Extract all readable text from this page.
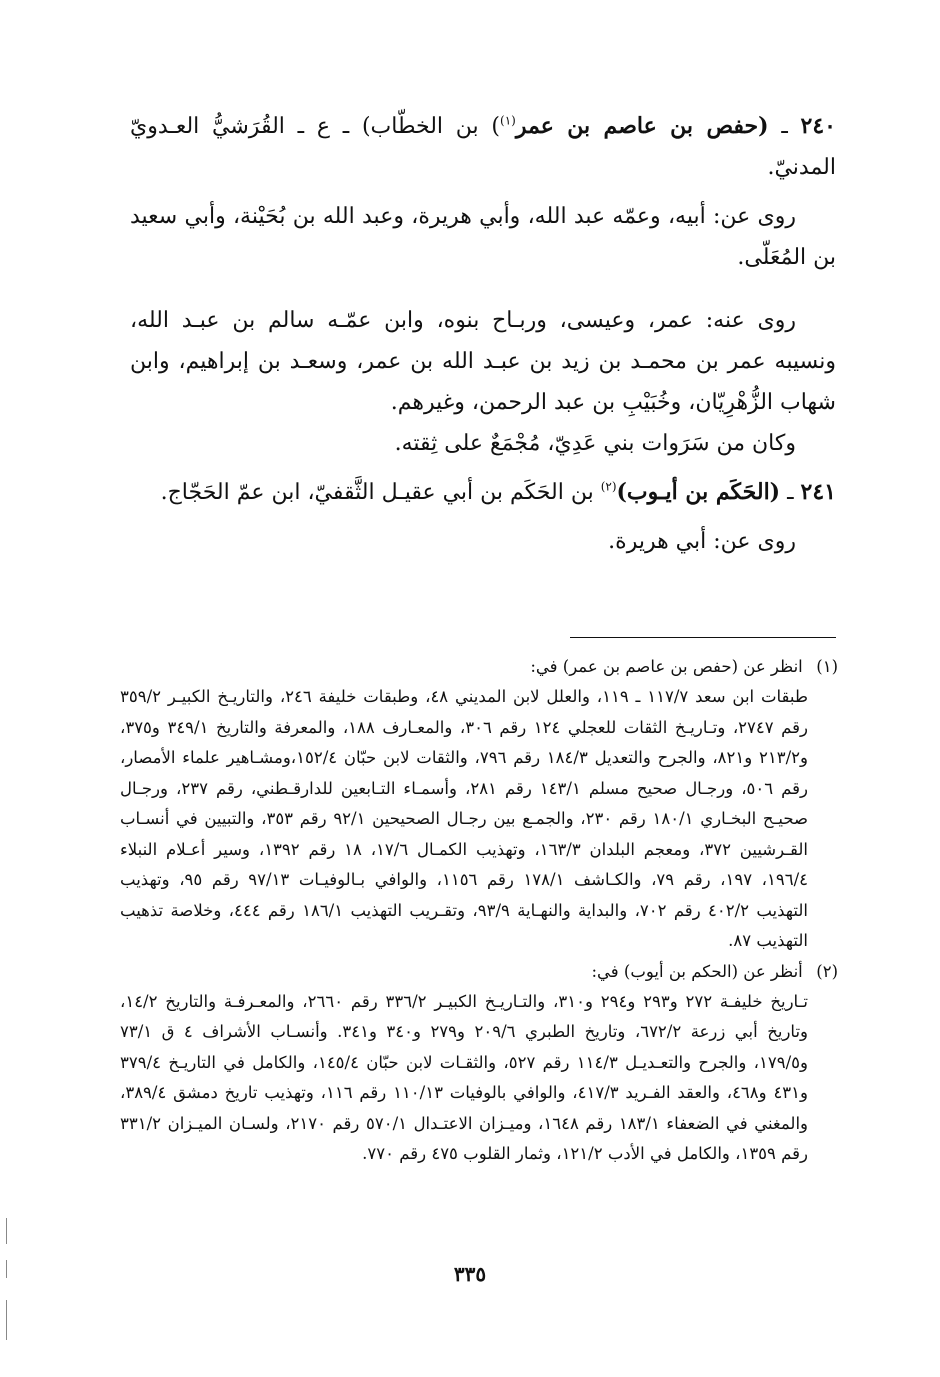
٢٤٠ ـ (حفص بن عاصم بن عمر$^{(١)}$) بن الخطّاب) ـ ع ـ القُرَشيُّ العـدويّ المدنيّ.

روى عن: أبيه، وعمّه عبد الله، وأبي هريرة، وعبد الله بن بُحَيْنة، وأبي سعيد بن المُعَلّى.

روى عنه: عمر، وعيسى، وربـاح بنوه، وابن عمّـه سالم بن عبـد الله، ونسيبه عمر بن محمـد بن زيد بن عبـد الله بن عمر، وسعـد بن إبراهيم، وابن شهاب الزُّهْرِيّان، وخُبَيْبِ بن عبد الرحمن، وغيرهم.

وكان من سَرَوات بني عَدِيّ، مُجْمَعٌ على ثِقته.

٢٤١ ـ (الحَكَم بن أيـوب)$^{(٢)}$ بن الحَكَم بن أبي عقيـل الثَّقفيّ، ابن عمّ الحَجّاج.

روى عن: أبي هريرة.

(١) انظر عن (حفص بن عاصم بن عمر) في:

طبقات ابن سعد ١١٧/٧ ـ ١١٩، والعلل لابن المديني ٤٨، وطبقات خليفة ٢٤٦، والتاريـخ الكبيـر ٣٥٩/٢ رقم ٢٧٤٧، وتـاريـخ الثقات للعجلي ١٢٤ رقم ٣٠٦، والمعـارف ١٨٨، والمعرفة والتاريخ ٣٤٩/١ و٣٧٥، و٢١٣/٢ و٨٢١، والجرح والتعديل ١٨٤/٣ رقم ٧٩٦، والثقات لابن حبّان ١٥٢/٤،ومشـاهير علماء الأمصار، رقم ٥٠٦، ورجـال صحيح مسلم ١٤٣/١ رقم ٢٨١، وأسمـاء التـابعين للدارقـطني، رقم ٢٣٧، ورجـال صحيـح البخـاري ١٨٠/١ رقم ٢٣٠، والجمـع بين رجـال الصحيحين ٩٢/١ رقم ٣٥٣، والتبيين في أنسـاب القـرشيين ٣٧٢، ومعجم البلدان ١٦٣/٣، وتهذيب الكمـال ١٧/٦، ١٨ رقم ١٣٩٢، وسير أعـلام النبلاء ١٩٦/٤، ١٩٧، رقم ٧٩، والكـاشف ١٧٨/١ رقم ١١٥٦، والوافي بـالوفيـات ٩٧/١٣ رقم ٩٥، وتهذيب التهذيب ٤٠٢/٢ رقم ٧٠٢، والبداية والنهـاية ٩٣/٩، وتقـريب التهذيب ١٨٦/١ رقم ٤٤٤، وخلاصة تذهيب التهذيب ٨٧.

(٢) أنظر عن (الحكم بن أيوب) في:

تـاريخ خليفـة ٢٧٢ و٢٩٣ و٢٩٤ و٣١٠، والتـاريـخ الكبيـر ٣٣٦/٢ رقم ٢٦٦٠، والمعـرفـة والتاريخ ١٤/٢، وتاريخ أبي زرعة ٦٧٢/٢، وتاريخ الطبري ٢٠٩/٦ و٢٧٩ و٣٤٠ و٣٤١. وأنسـاب الأشراف ٤ ق ٧٣/١ و١٧٩/٥، والجرح والتعـديـل ١١٤/٣ رقم ٥٢٧، والثقـات لابن حبّان ١٤٥/٤، والكامل في التاريـخ ٣٧٩/٤ و٤٣١ و٤٦٨، والعقد الفـريد ٤١٧/٣، والوافي بالوفيات ١١٠/١٣ رقم ١١٦، وتهذيب تاريخ دمشق ٣٨٩/٤، والمغني في الضعفاء ١٨٣/١ رقم ١٦٤٨، وميـزان الاعتـدال ٥٧٠/١ رقم ٢١٧٠، ولسـان الميـزان ٣٣١/٢ رقم ١٣٥٩، والكامل في الأدب ١٢١/٢، وثمار القلوب ٤٧٥ رقم ٧٧٠.

٣٣٥
